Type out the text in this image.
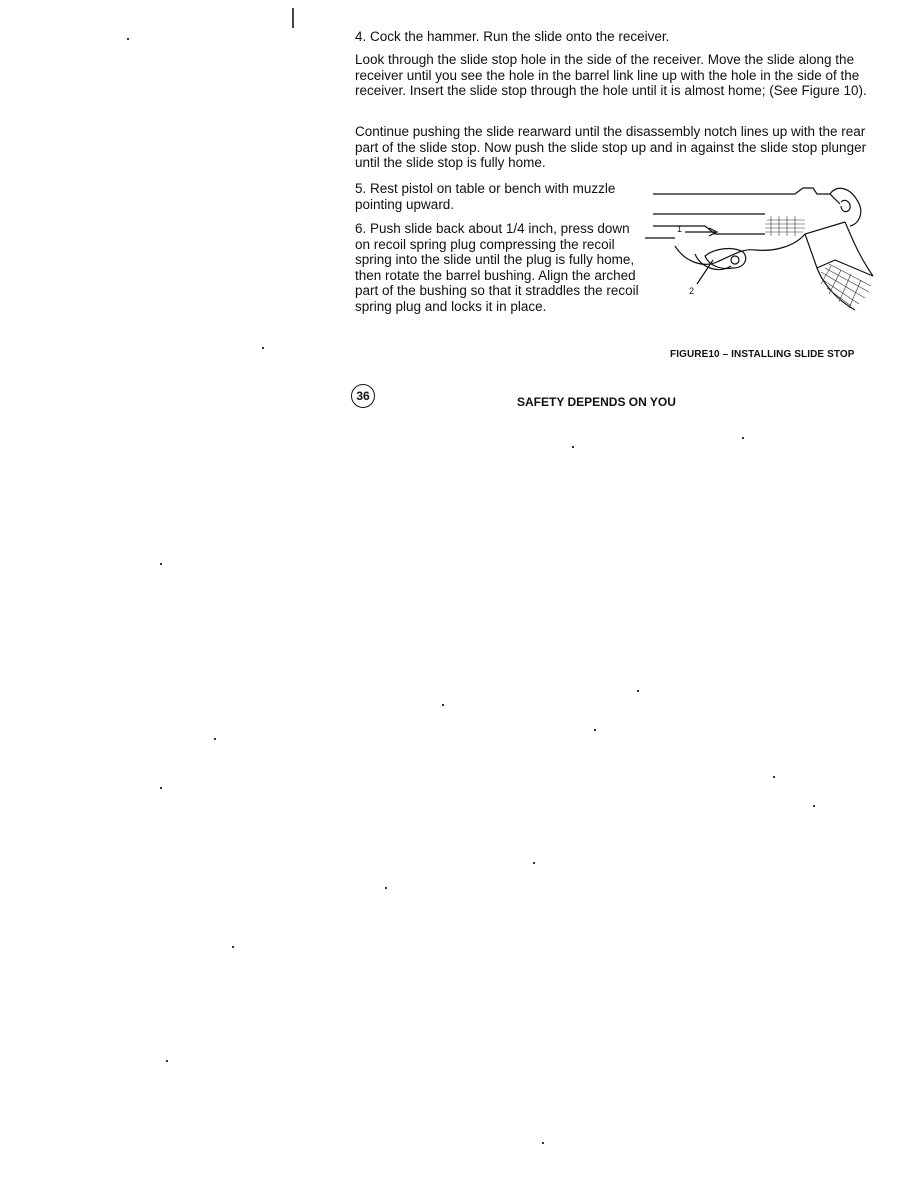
4. Cock the hammer. Run the slide onto the receiver.

Look through the slide stop hole in the side of the receiver. Move the slide along the receiver until you see the hole in the barrel link line up with the hole in the side of the receiver. Insert the slide stop through the hole until it is almost home; (See Figure 10).

Continue pushing the slide rearward until the disassembly notch lines up with the rear part of the slide stop. Now push the slide stop up and in against the slide stop plunger until the slide stop is fully home.

5. Rest pistol on table or bench with muzzle pointing upward.

6. Push slide back about 1/4 inch, press down on recoil spring plug compressing the recoil spring into the slide until the plug is fully home, then rotate the barrel bushing. Align the arched part of the bushing so that it straddles the recoil spring plug and locks it in place.

1
2
FIGURE10 – INSTALLING SLIDE STOP
36	SAFETY DEPENDS ON YOU
